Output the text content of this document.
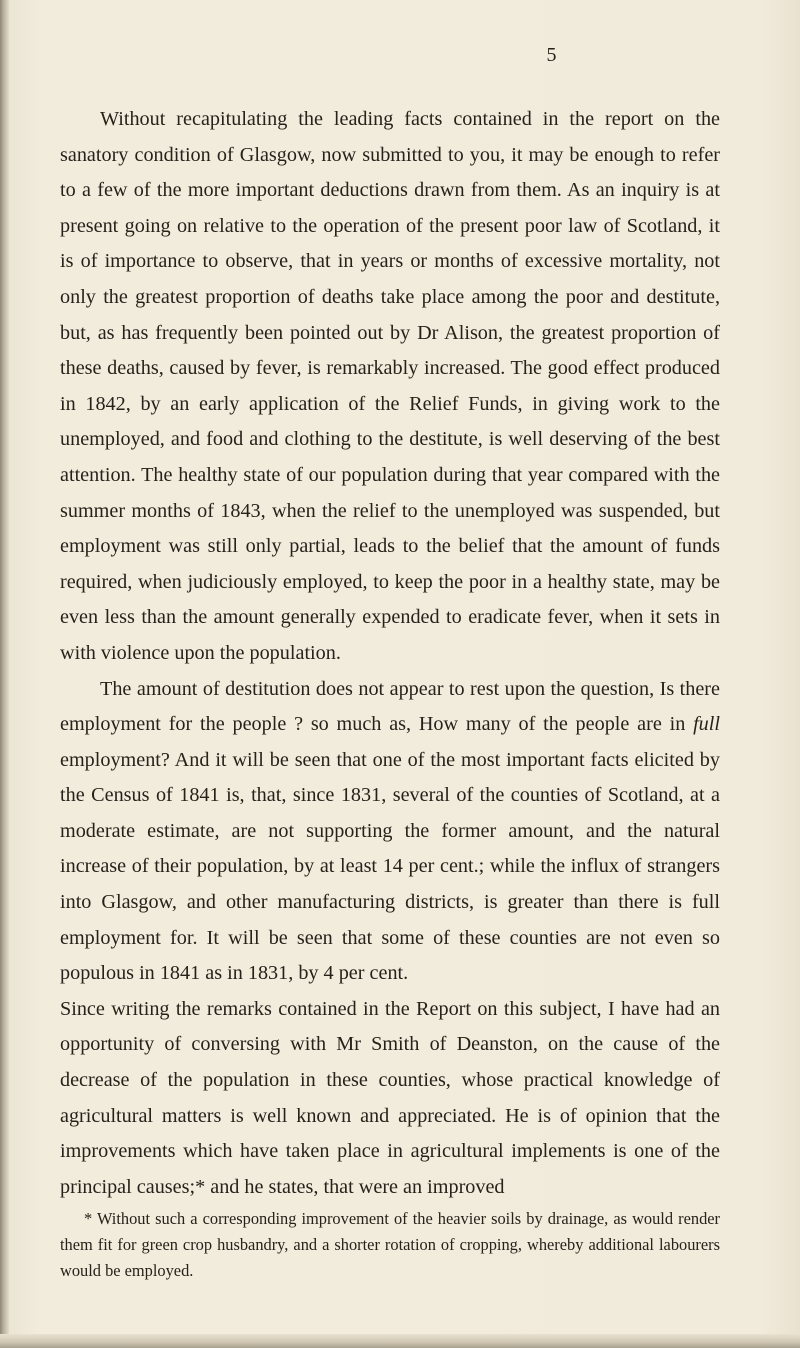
5

Without recapitulating the leading facts contained in the report on the sanatory condition of Glasgow, now submitted to you, it may be enough to refer to a few of the more important deductions drawn from them. As an inquiry is at present going on relative to the operation of the present poor law of Scotland, it is of importance to observe, that in years or months of excessive mortality, not only the greatest proportion of deaths take place among the poor and destitute, but, as has frequently been pointed out by Dr Alison, the greatest proportion of these deaths, caused by fever, is remarkably increased. The good effect produced in 1842, by an early application of the Relief Funds, in giving work to the unemployed, and food and clothing to the destitute, is well deserving of the best attention. The healthy state of our population during that year compared with the summer months of 1843, when the relief to the unemployed was suspended, but employment was still only partial, leads to the belief that the amount of funds required, when judiciously employed, to keep the poor in a healthy state, may be even less than the amount generally expended to eradicate fever, when it sets in with violence upon the population.

The amount of destitution does not appear to rest upon the question, Is there employment for the people ? so much as, How many of the people are in full employment? And it will be seen that one of the most important facts elicited by the Census of 1841 is, that, since 1831, several of the counties of Scotland, at a moderate estimate, are not supporting the former amount, and the natural increase of their population, by at least 14 per cent.; while the influx of strangers into Glasgow, and other manufacturing districts, is greater than there is full employment for. It will be seen that some of these counties are not even so populous in 1841 as in 1831, by 4 per cent.

Since writing the remarks contained in the Report on this subject, I have had an opportunity of conversing with Mr Smith of Deanston, on the cause of the decrease of the population in these counties, whose practical knowledge of agricultural matters is well known and appreciated. He is of opinion that the improvements which have taken place in agricultural implements is one of the principal causes;* and he states, that were an improved

* Without such a corresponding improvement of the heavier soils by drainage, as would render them fit for green crop husbandry, and a shorter rotation of cropping, whereby additional labourers would be employed.
